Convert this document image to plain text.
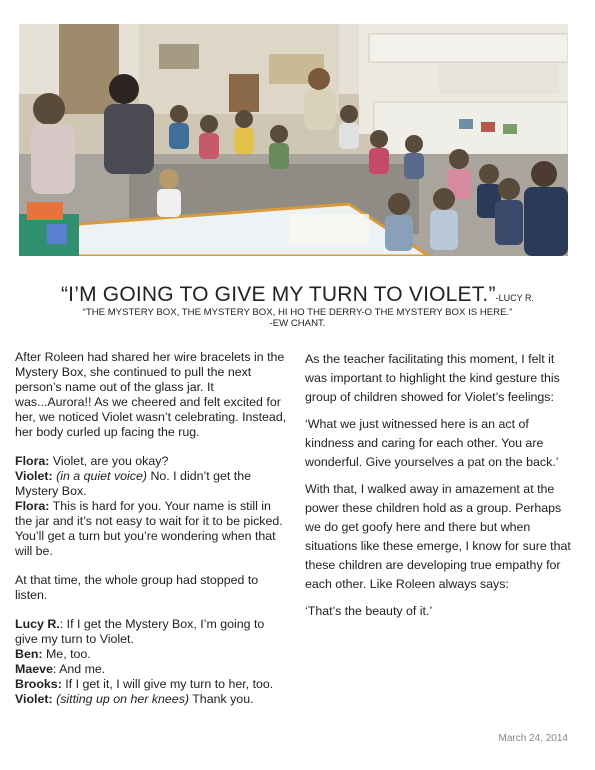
“I’M GOING TO GIVE MY TURN TO VIOLET.”-LUCY R.
“THE MYSTERY BOX, THE MYSTERY BOX, HI HO THE DERRY-O THE MYSTERY BOX IS HERE.”
-EW CHANT.

After Roleen had shared her wire bracelets in the Mystery Box, she continued to pull the next person’s name out of the glass jar. It was...Aurora!! As we cheered and felt excited for her, we noticed Violet wasn’t celebrating. Instead, her body curled up facing the rug.

Flora: Violet, are you okay?

Violet: (in a quiet voice) No. I didn’t get the Mystery Box.

Flora: This is hard for you. Your name is still in the jar and it’s not easy to wait for it to be picked. You’ll get a turn but you’re wondering when that will be.

At that time, the whole group had stopped to listen.

Lucy R.: If I get the Mystery Box, I’m going to give my turn to Violet.

Ben: Me, too.

Maeve: And me.

Brooks: If I get it, I will give my turn to her, too.

Violet: (sitting up on her knees) Thank you.

As the teacher facilitating this moment, I felt it was important to highlight the kind gesture this group of children showed for Violet’s feelings:

‘What we just witnessed here is an act of kindness and caring for each other. You are wonderful. Give yourselves a pat on the back.’

With that, I walked away in amazement at the power these children hold as a group. Perhaps we do get goofy here and there but when situations like these emerge, I know for sure that these children are developing true empathy for each other. Like Roleen always says:

‘That’s the beauty of it.’

March 24, 2014
